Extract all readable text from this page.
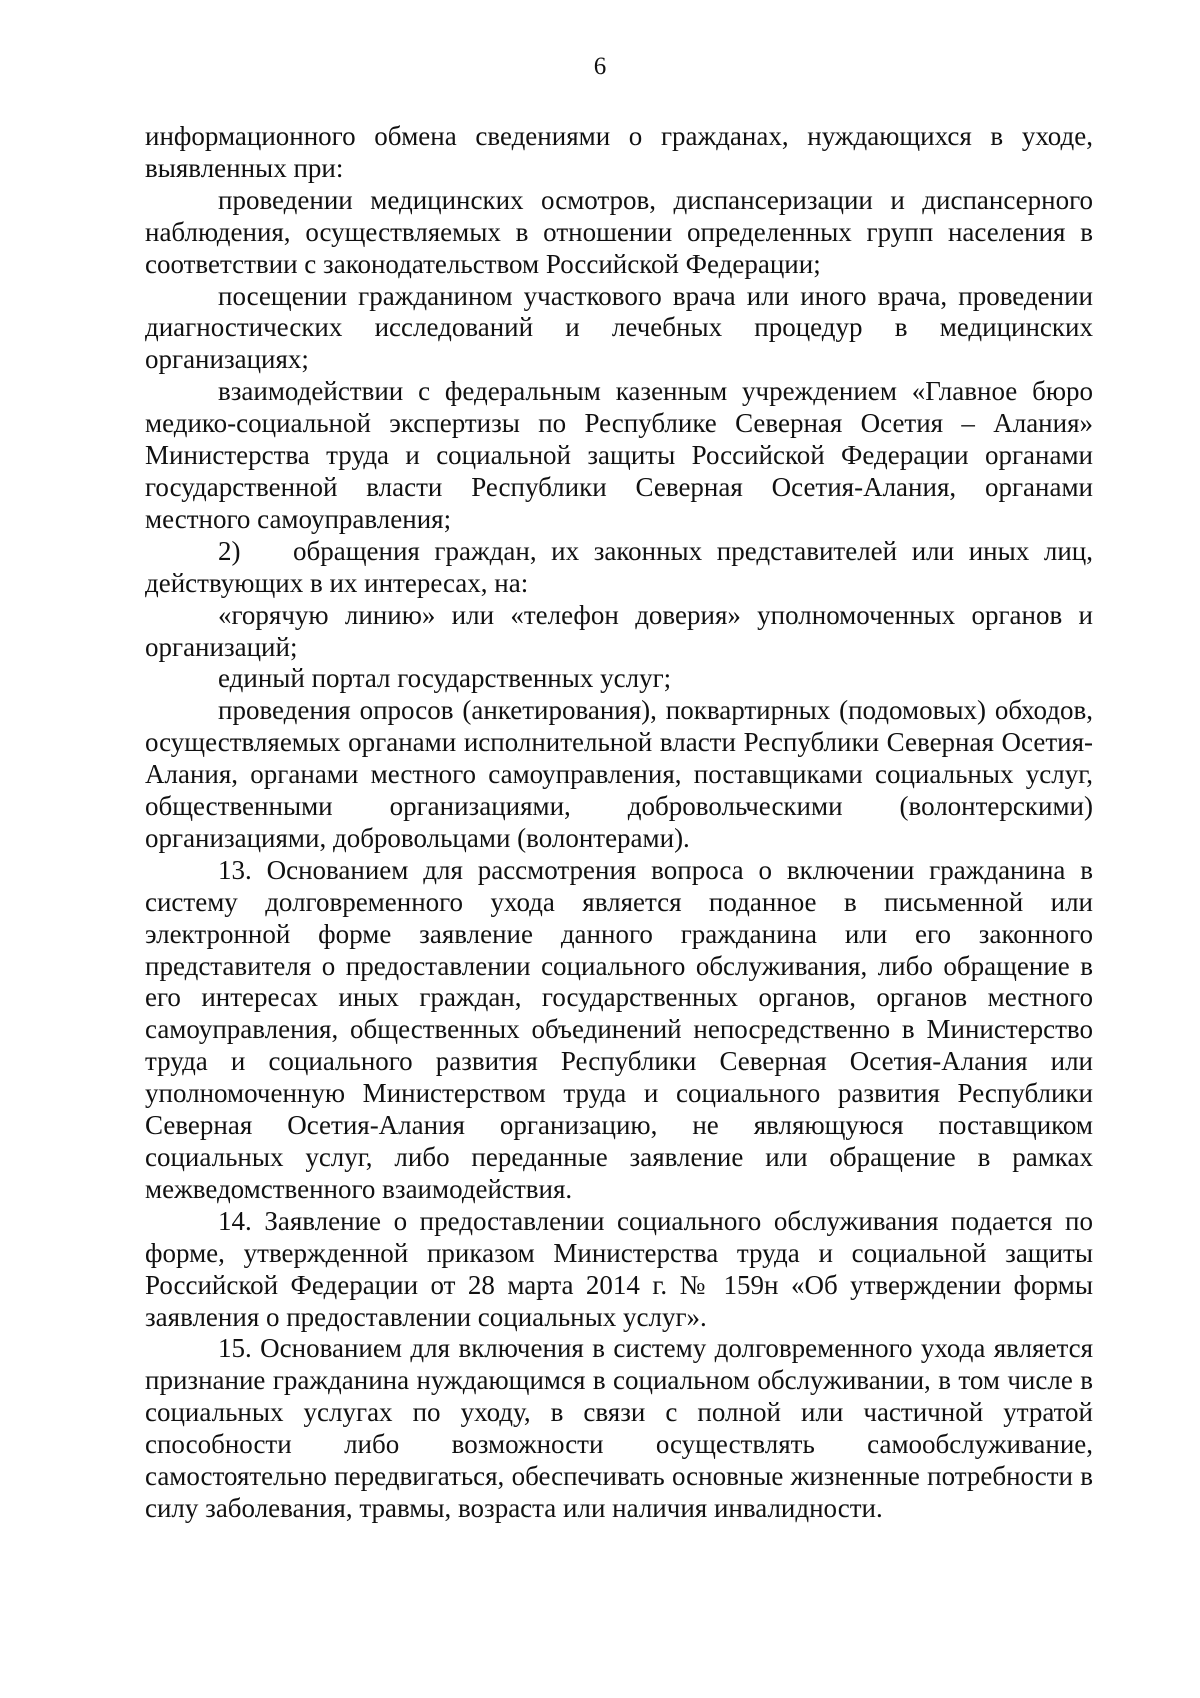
6

информационного обмена сведениями о гражданах, нуждающихся в уходе, выявленных при:

проведении медицинских осмотров, диспансеризации и диспансерного наблюдения, осуществляемых в отношении определенных групп населения в соответствии с законодательством Российской Федерации;

посещении гражданином участкового врача или иного врача, проведении диагностических исследований и лечебных процедур в медицинских организациях;

взаимодействии с федеральным казенным учреждением «Главное бюро медико-социальной экспертизы по Республике Северная Осетия – Алания» Министерства труда и социальной защиты Российской Федерации органами государственной власти Республики Северная Осетия-Алания, органами местного самоуправления;

2) обращения граждан, их законных представителей или иных лиц, действующих в их интересах, на:

«горячую линию» или «телефон доверия» уполномоченных органов и организаций;

единый портал государственных услуг;

проведения опросов (анкетирования), поквартирных (подомовых) обходов, осуществляемых органами исполнительной власти Республики Северная Осетия-Алания, органами местного самоуправления, поставщиками социальных услуг, общественными организациями, добровольческими (волонтерскими) организациями, добровольцами (волонтерами).

13. Основанием для рассмотрения вопроса о включении гражданина в систему долговременного ухода является поданное в письменной или электронной форме заявление данного гражданина или его законного представителя о предоставлении социального обслуживания, либо обращение в его интересах иных граждан, государственных органов, органов местного самоуправления, общественных объединений непосредственно в Министерство труда и социального развития Республики Северная Осетия-Алания или уполномоченную Министерством труда и социального развития Республики Северная Осетия-Алания организацию, не являющуюся поставщиком социальных услуг, либо переданные заявление или обращение в рамках межведомственного взаимодействия.

14. Заявление о предоставлении социального обслуживания подается по форме, утвержденной приказом Министерства труда и социальной защиты Российской Федерации от 28 марта 2014 г. № 159н «Об утверждении формы заявления о предоставлении социальных услуг».

15. Основанием для включения в систему долговременного ухода является признание гражданина нуждающимся в социальном обслуживании, в том числе в социальных услугах по уходу, в связи с полной или частичной утратой способности либо возможности осуществлять самообслуживание, самостоятельно передвигаться, обеспечивать основные жизненные потребности в силу заболевания, травмы, возраста или наличия инвалидности.
